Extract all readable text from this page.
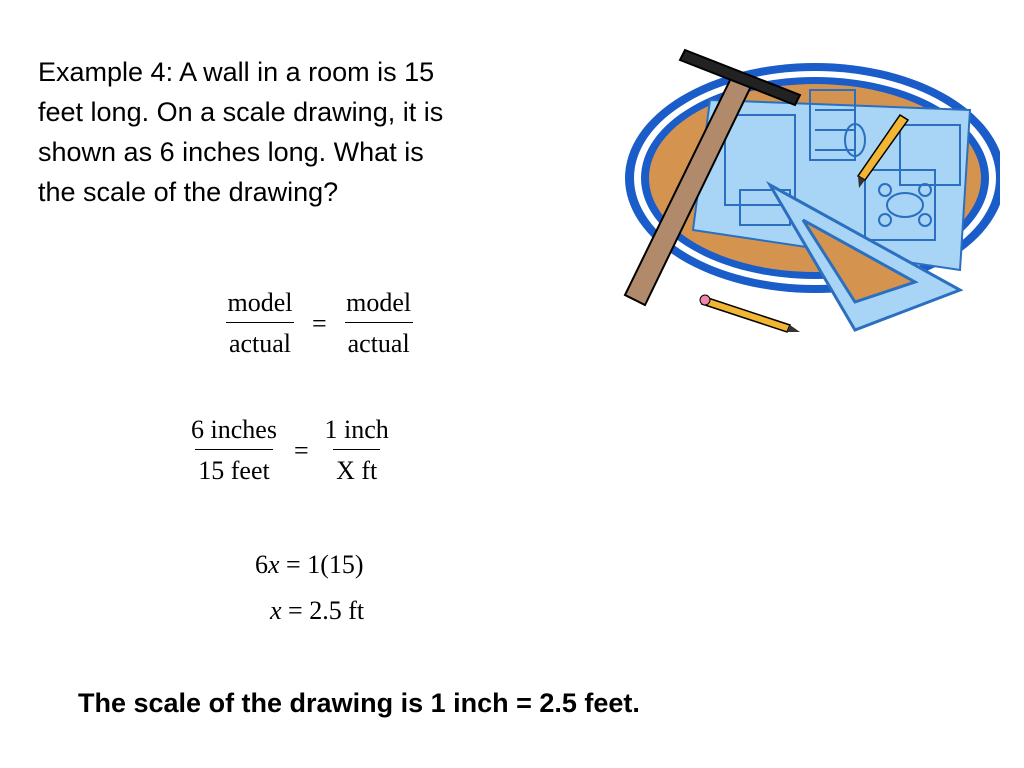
Example 4: A wall in a room is 15
feet long. On a scale drawing, it is
shown as 6 inches long. What is
the scale of the drawing?
$\frac{\text{model}}{\text{actual}} = \frac{\text{model}}{\text{actual}}$
$\frac{\text{6 inches}}{\text{15 feet}} = \frac{\text{1 inch}}{\text{X ft}}$
6x = 1(15)
x = 2.5 ft
The scale of the drawing is 1 inch = 2.5 feet.
